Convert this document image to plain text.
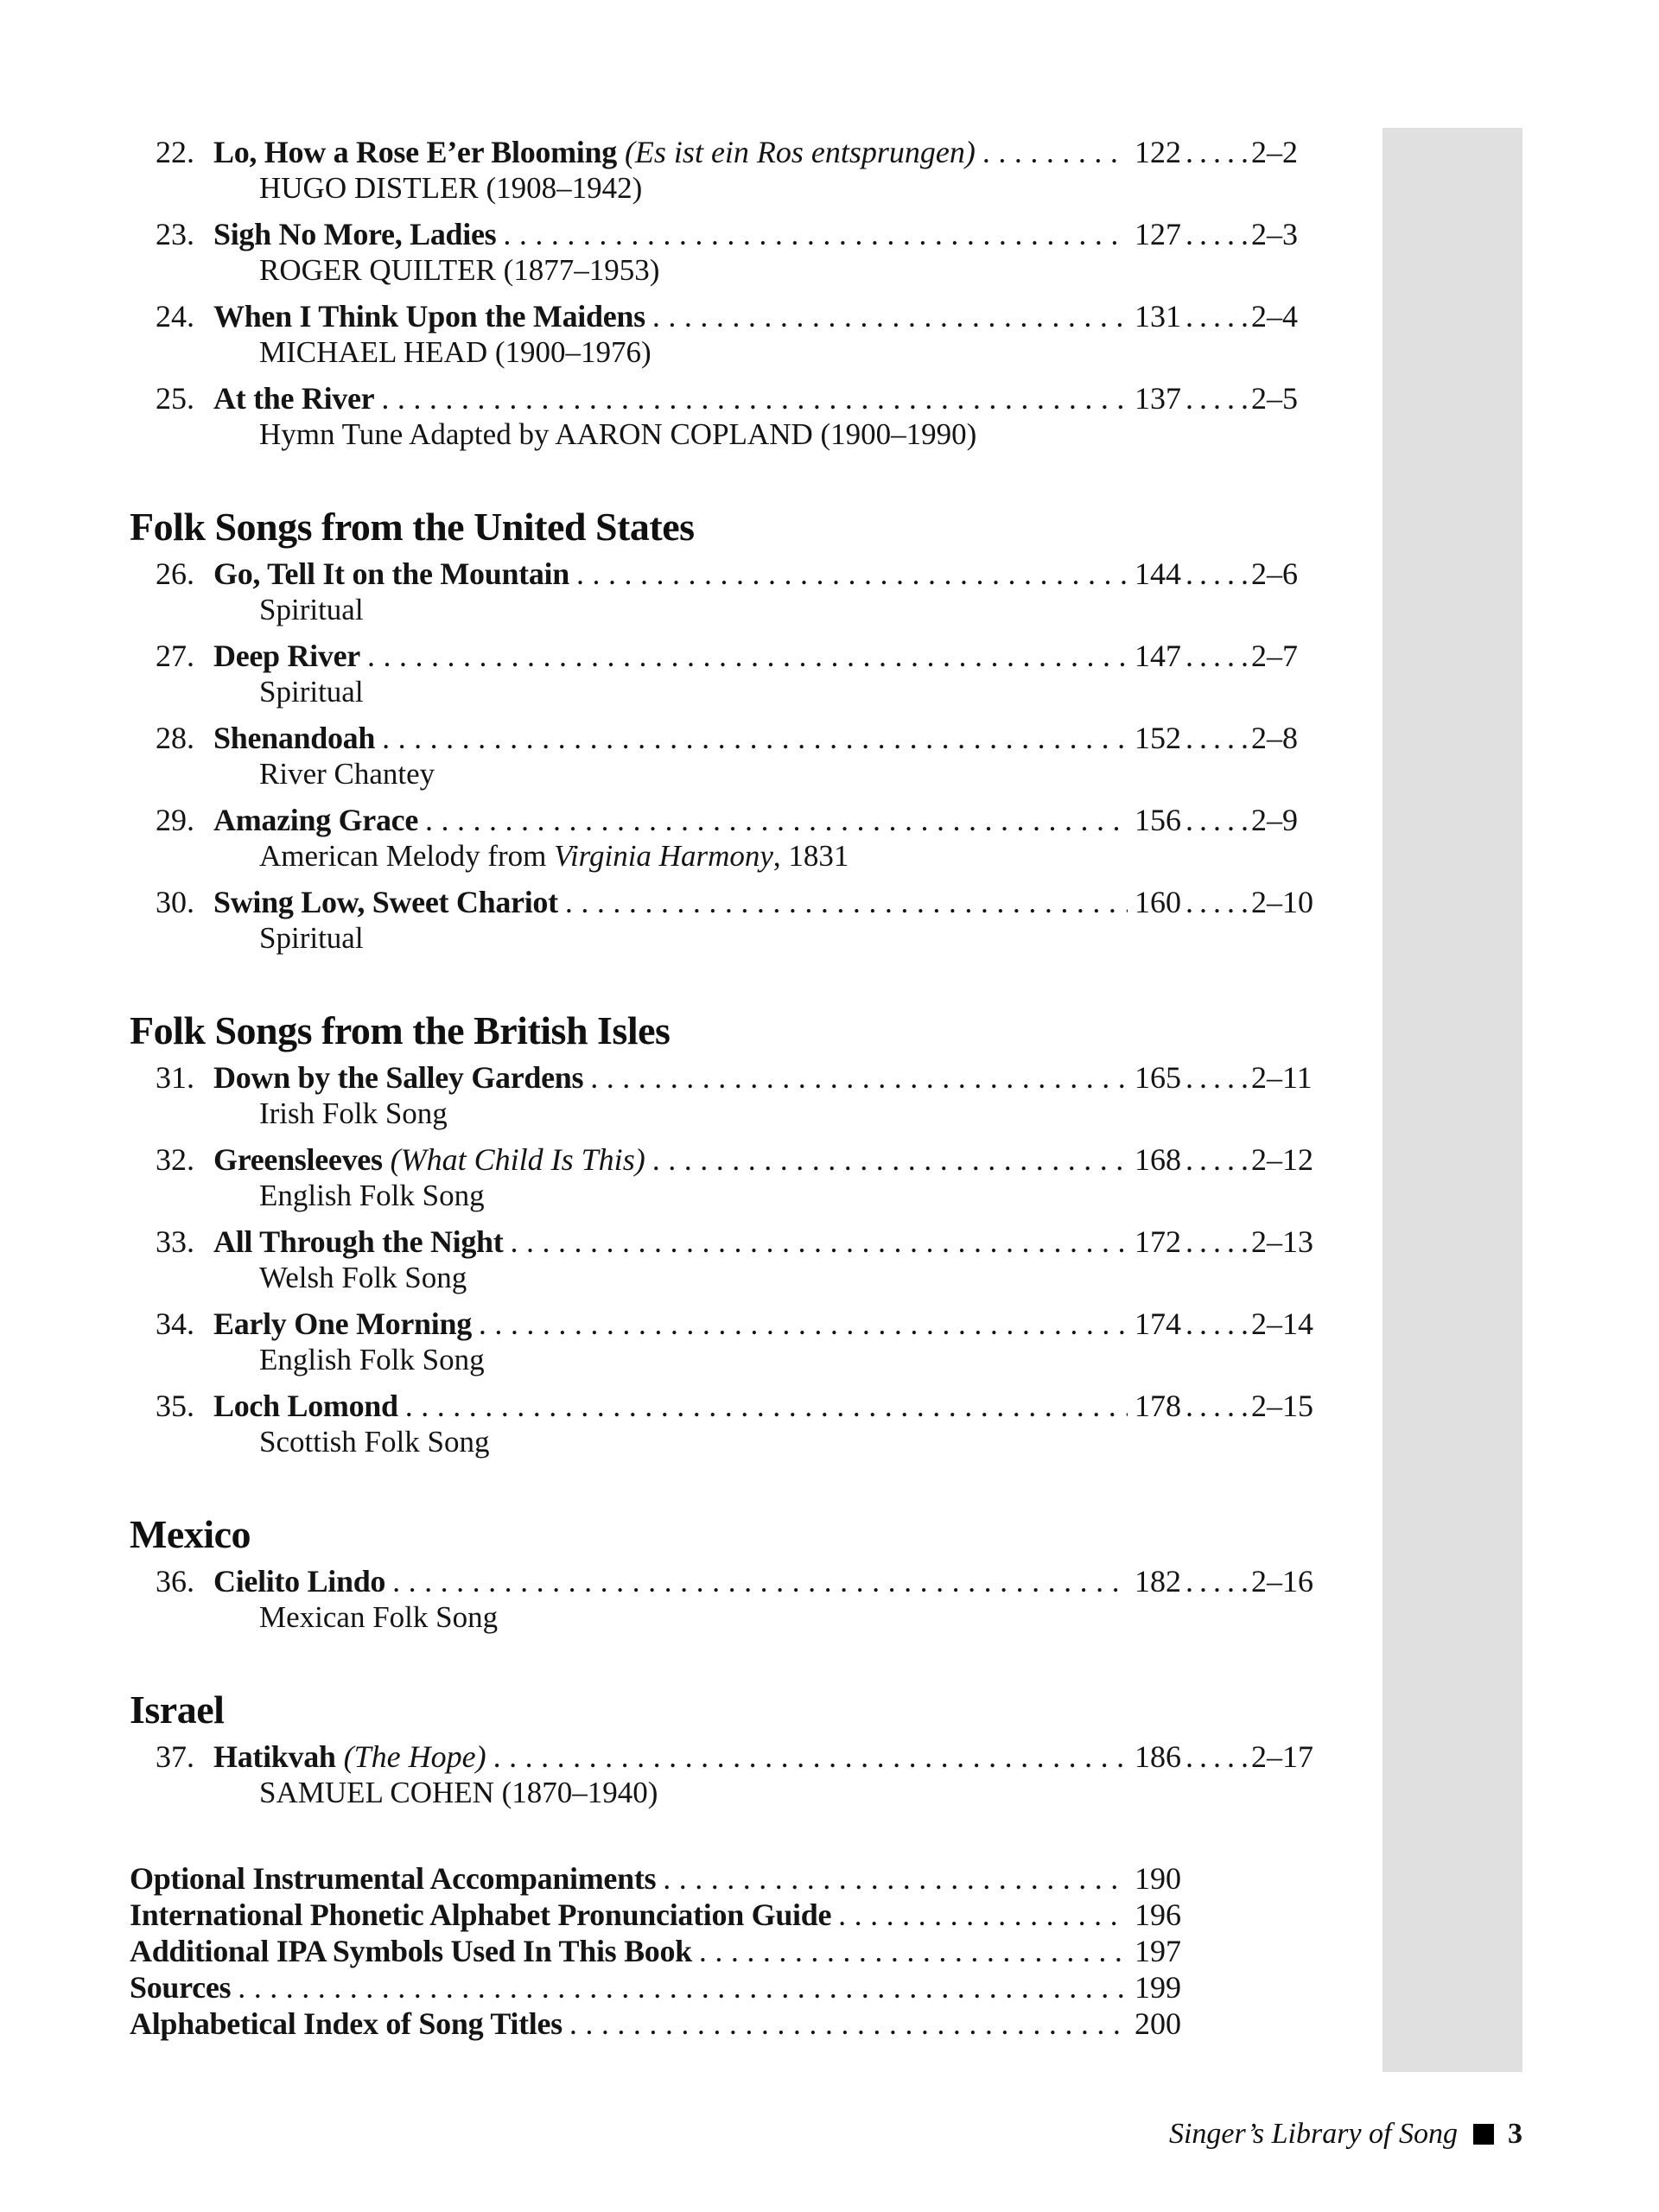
22. Lo, How a Rose E’er Blooming (Es ist ein Ros entsprungen) .....	122 ...... 2–2
HUGO DISTLER (1908–1942)
23. Sigh No More, Ladies .....	127 ...... 2–3
ROGER QUILTER (1877–1953)
24. When I Think Upon the Maidens .....	131 ...... 2–4
MICHAEL HEAD (1900–1976)
25. At the River .....	137 ...... 2–5
Hymn Tune Adapted by AARON COPLAND (1900–1990)
Folk Songs from the United States
26. Go, Tell It on the Mountain .....	144 ...... 2–6
Spiritual
27. Deep River .....	147 ...... 2–7
Spiritual
28. Shenandoah .....	152 ...... 2–8
River Chantey
29. Amazing Grace .....	156 ...... 2–9
American Melody from Virginia Harmony, 1831
30. Swing Low, Sweet Chariot .....	160 ...... 2–10
Spiritual
Folk Songs from the British Isles
31. Down by the Salley Gardens .....	165 ...... 2–11
Irish Folk Song
32. Greensleeves (What Child Is This) .....	168 ...... 2–12
English Folk Song
33. All Through the Night .....	172 ...... 2–13
Welsh Folk Song
34. Early One Morning .....	174 ...... 2–14
English Folk Song
35. Loch Lomond .....	178 ...... 2–15
Scottish Folk Song
Mexico
36. Cielito Lindo .....	182 ...... 2–16
Mexican Folk Song
Israel
37. Hatikvah (The Hope) .....	186 ...... 2–17
SAMUEL COHEN (1870–1940)
Optional Instrumental Accompaniments .....	190
International Phonetic Alphabet Pronunciation Guide .....	196
Additional IPA Symbols Used In This Book .....	197
Sources .....	199
Alphabetical Index of Song Titles .....	200
Singer’s Library of Song 3
